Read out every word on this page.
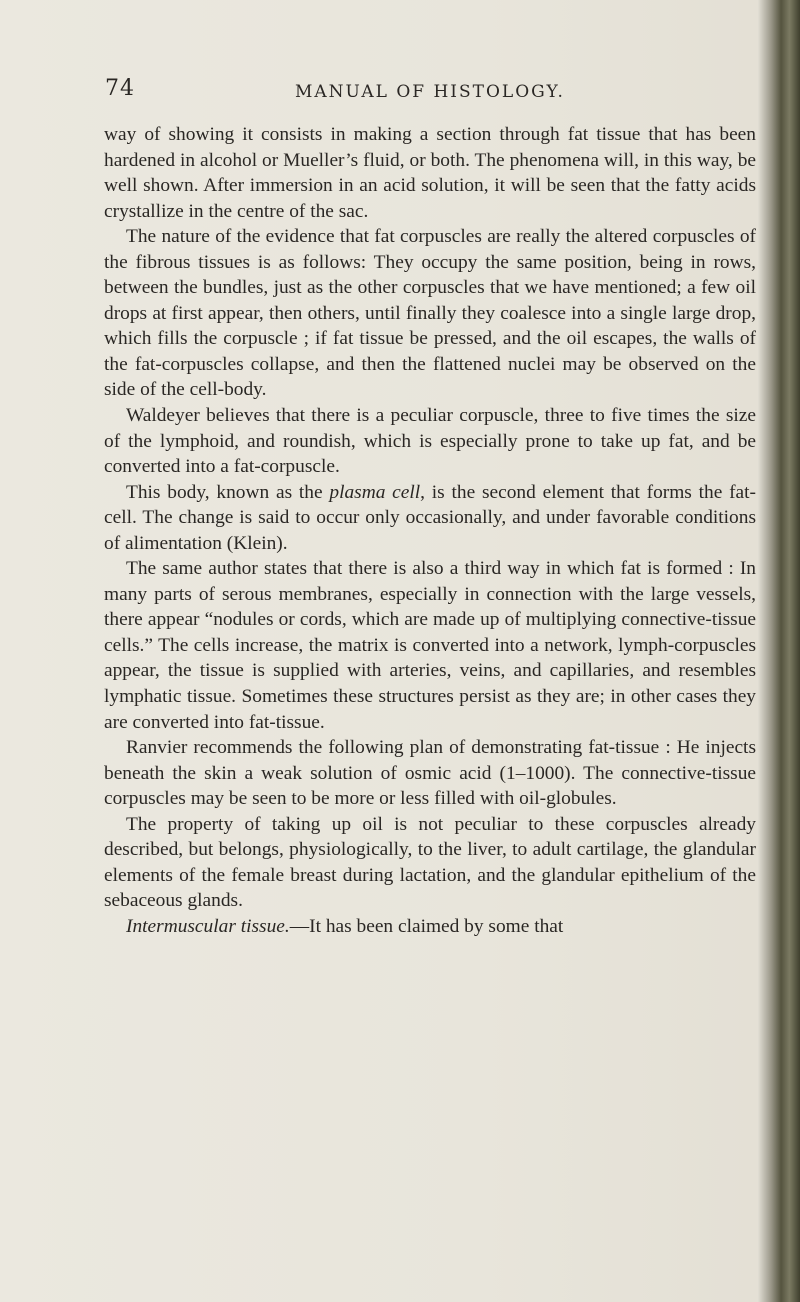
74	MANUAL OF HISTOLOGY.

way of showing it consists in making a section through fat tissue that has been hardened in alcohol or Mueller’s fluid, or both. The phenomena will, in this way, be well shown. After immersion in an acid solution, it will be seen that the fatty acids crystallize in the centre of the sac.

The nature of the evidence that fat corpuscles are really the altered corpuscles of the fibrous tissues is as follows: They occupy the same position, being in rows, between the bundles, just as the other corpuscles that we have mentioned; a few oil drops at first appear, then others, until finally they coalesce into a single large drop, which fills the corpuscle ; if fat tissue be pressed, and the oil escapes, the walls of the fat-corpuscles collapse, and then the flattened nuclei may be observed on the side of the cell-body.

Waldeyer believes that there is a peculiar corpuscle, three to five times the size of the lymphoid, and roundish, which is especially prone to take up fat, and be converted into a fat-corpuscle.

This body, known as the plasma cell, is the second element that forms the fat-cell. The change is said to occur only occasionally, and under favorable conditions of alimentation (Klein).

The same author states that there is also a third way in which fat is formed : In many parts of serous membranes, especially in connection with the large vessels, there appear “nodules or cords, which are made up of multiplying connective-tissue cells.” The cells increase, the matrix is converted into a network, lymph-corpuscles appear, the tissue is supplied with arteries, veins, and capillaries, and resembles lymphatic tissue. Sometimes these structures persist as they are; in other cases they are converted into fat-tissue.

Ranvier recommends the following plan of demonstrating fat-tissue : He injects beneath the skin a weak solution of osmic acid (1–1000). The connective-tissue corpuscles may be seen to be more or less filled with oil-globules.

The property of taking up oil is not peculiar to these corpuscles already described, but belongs, physiologically, to the liver, to adult cartilage, the glandular elements of the female breast during lactation, and the glandular epithelium of the sebaceous glands.

Intermuscular tissue.—It has been claimed by some that
